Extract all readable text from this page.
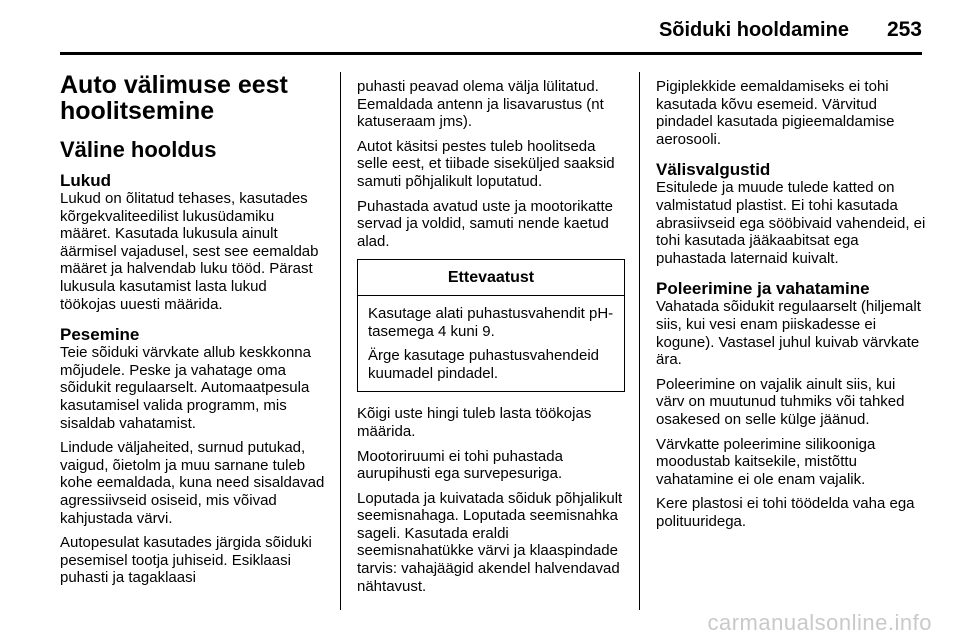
Sõiduki hooldamine 253
Auto välimuse eest hoolitsemine
Väline hooldus
Lukud

Lukud on õlitatud tehases, kasutades kõrgekvaliteedilist lukusüdamiku määret. Kasutada lukusula ainult äärmisel vajadusel, sest see eemaldab määret ja halvendab luku tööd. Pärast lukusula kasutamist lasta lukud töökojas uuesti määrida.

Pesemine

Teie sõiduki värvkate allub keskkonna mõjudele. Peske ja vahatage oma sõidukit regulaarselt. Automaatpesula kasutamisel valida programm, mis sisaldab vahatamist.

Lindude väljaheited, surnud putukad, vaigud, õietolm ja muu sarnane tuleb kohe eemaldada, kuna need sisaldavad agressiivseid osiseid, mis võivad kahjustada värvi.

Autopesulat kasutades järgida sõiduki pesemisel tootja juhiseid. Esiklaasi puhasti ja tagaklaasi

puhasti peavad olema välja lülitatud. Eemaldada antenn ja lisavarustus (nt katuseraam jms).

Autot käsitsi pestes tuleb hoolitseda selle eest, et tiibade siseküljed saaksid samuti põhjalikult loputatud.

Puhastada avatud uste ja mootorikatte servad ja voldid, samuti nende kaetud alad.

Ettevaatust

Kasutage alati puhastusvahendit pH-tasemega 4 kuni 9.

Ärge kasutage puhastusvahendeid kuumadel pindadel.

Kõigi uste hingi tuleb lasta töökojas määrida.

Mootoriruumi ei tohi puhastada aurupihusti ega survepesuriga.

Loputada ja kuivatada sõiduk põhjalikult seemisnahaga. Loputada seemisnahka sageli. Kasutada eraldi seemisnahatükke värvi ja klaaspindade tarvis: vahajäägid akendel halvendavad nähtavust.

Pigiplekkide eemaldamiseks ei tohi kasutada kõvu esemeid. Värvitud pindadel kasutada pigieemaldamise aerosooli.

Välisvalgustid

Esitulede ja muude tulede katted on valmistatud plastist. Ei tohi kasutada abrasiivseid ega sööbivaid vahendeid, ei tohi kasutada jääkaabitsat ega puhastada laternaid kuivalt.

Poleerimine ja vahatamine

Vahatada sõidukit regulaarselt (hiljemalt siis, kui vesi enam piiskadesse ei kogune). Vastasel juhul kuivab värvkate ära.

Poleerimine on vajalik ainult siis, kui värv on muutunud tuhmiks või tahked osakesed on selle külge jäänud.

Värvkatte poleerimine silikooniga moodustab kaitsekile, mistõttu vahatamine ei ole enam vajalik.

Kere plastosi ei tohi töödelda vaha ega polituuridega.

carmanualsonline.info
